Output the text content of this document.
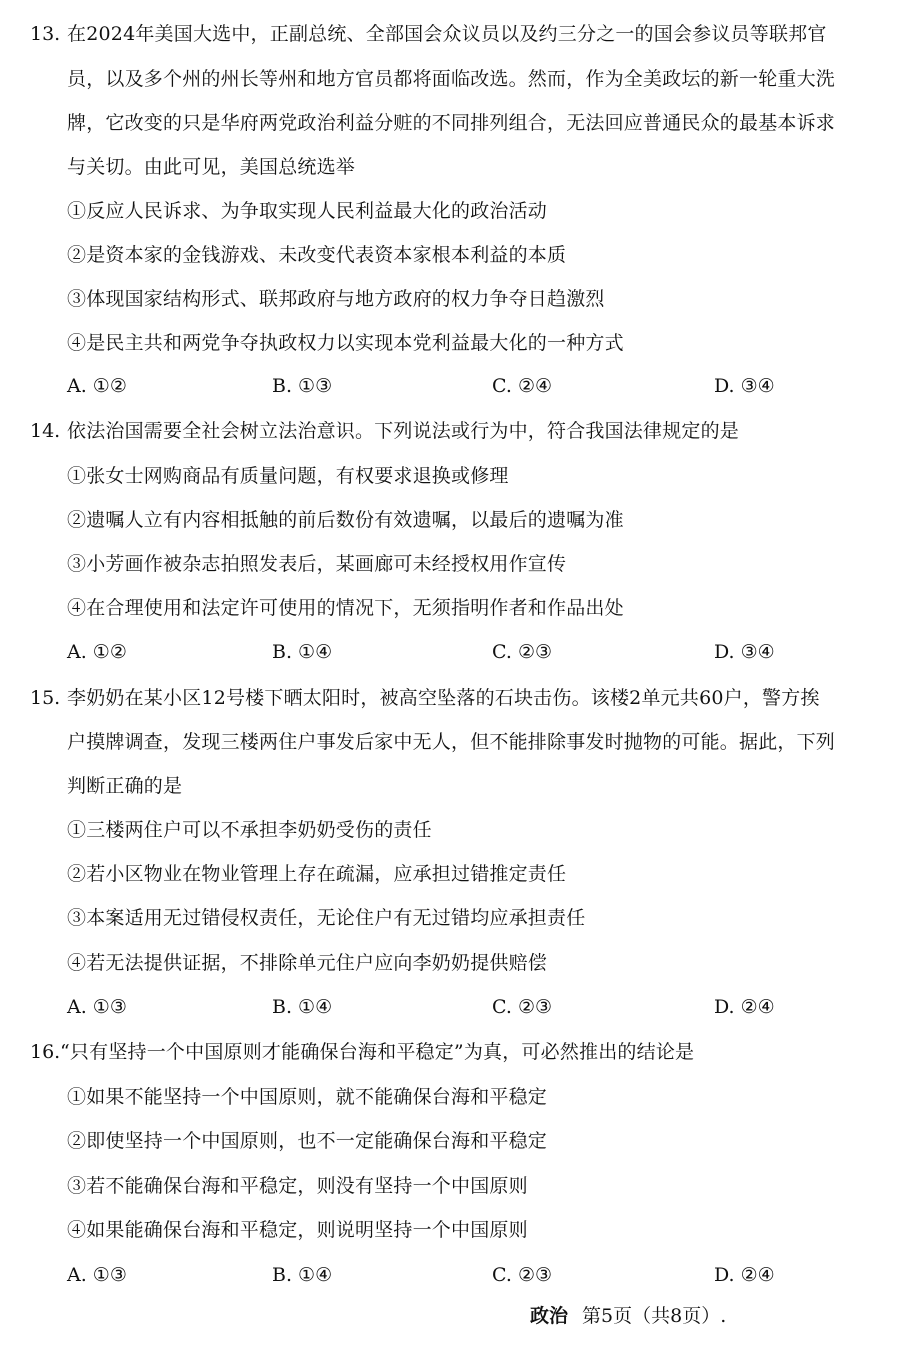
13. 在2024年美国大选中，正副总统、全部国会众议员以及约三分之一的国会参议员等联邦官
员，以及多个州的州长等州和地方官员都将面临改选。然而，作为全美政坛的新一轮重大洗
牌，它改变的只是华府两党政治利益分赃的不同排列组合，无法回应普通民众的最基本诉求
与关切。由此可见，美国总统选举
①反应人民诉求、为争取实现人民利益最大化的政治活动
②是资本家的金钱游戏、未改变代表资本家根本利益的本质
③体现国家结构形式、联邦政府与地方政府的权力争夺日趋激烈
④是民主共和两党争夺执政权力以实现本党利益最大化的一种方式
A. ①②	B. ①③	C. ②④	D. ③④
14. 依法治国需要全社会树立法治意识。下列说法或行为中，符合我国法律规定的是
①张女士网购商品有质量问题，有权要求退换或修理
②遗嘱人立有内容相抵触的前后数份有效遗嘱，以最后的遗嘱为准
③小芳画作被杂志拍照发表后，某画廊可未经授权用作宣传
④在合理使用和法定许可使用的情况下，无须指明作者和作品出处
A. ①②	B. ①④	C. ②③	D. ③④
15. 李奶奶在某小区12号楼下晒太阳时，被高空坠落的石块击伤。该楼2单元共60户，警方挨
户摸牌调查，发现三楼两住户事发后家中无人，但不能排除事发时抛物的可能。据此，下列
判断正确的是
①三楼两住户可以不承担李奶奶受伤的责任
②若小区物业在物业管理上存在疏漏，应承担过错推定责任
③本案适用无过错侵权责任，无论住户有无过错均应承担责任
④若无法提供证据，不排除单元住户应向李奶奶提供赔偿
A. ①③	B. ①④	C. ②③	D. ②④
16. “只有坚持一个中国原则才能确保台海和平稳定”为真，可必然推出的结论是
①如果不能坚持一个中国原则，就不能确保台海和平稳定
②即使坚持一个中国原则，也不一定能确保台海和平稳定
③若不能确保台海和平稳定，则没有坚持一个中国原则
④如果能确保台海和平稳定，则说明坚持一个中国原则
A. ①③	B. ①④	C. ②③	D. ②④
政治 第5页（共8页）.
